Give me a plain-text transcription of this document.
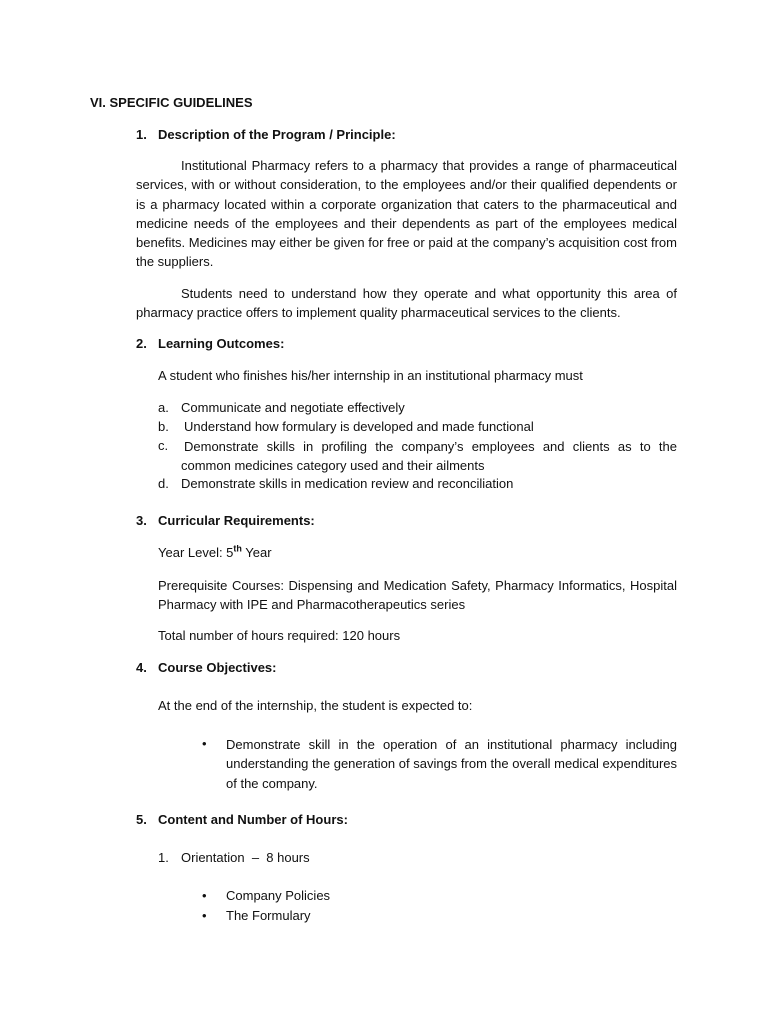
VI. SPECIFIC GUIDELINES
1. Description of the Program / Principle:
Institutional Pharmacy refers to a pharmacy that provides a range of pharmaceutical services, with or without consideration, to the employees and/or their qualified dependents or is a pharmacy located within a corporate organization that caters to the pharmaceutical and medicine needs of the employees and their dependents as part of the employees medical benefits. Medicines may either be given for free or paid at the company’s acquisition cost from the suppliers.
Students need to understand how they operate and what opportunity this area of pharmacy practice offers to implement quality pharmaceutical services to the clients.
2. Learning Outcomes:
A student who finishes his/her internship in an institutional pharmacy must
a. Communicate and negotiate effectively
b. Understand how formulary is developed and made functional
c. Demonstrate skills in profiling the company’s employees and clients as to the common medicines category used and their ailments
d. Demonstrate skills in medication review and reconciliation
3. Curricular Requirements:
Year Level: 5th Year
Prerequisite Courses: Dispensing and Medication Safety, Pharmacy Informatics, Hospital Pharmacy with IPE and Pharmacotherapeutics series
Total number of hours required: 120 hours
4. Course Objectives:
At the end of the internship, the student is expected to:
• Demonstrate skill in the operation of an institutional pharmacy including understanding the generation of savings from the overall medical expenditures of the company.
5. Content and Number of Hours:
1. Orientation  –  8 hours
• Company Policies
• The Formulary
